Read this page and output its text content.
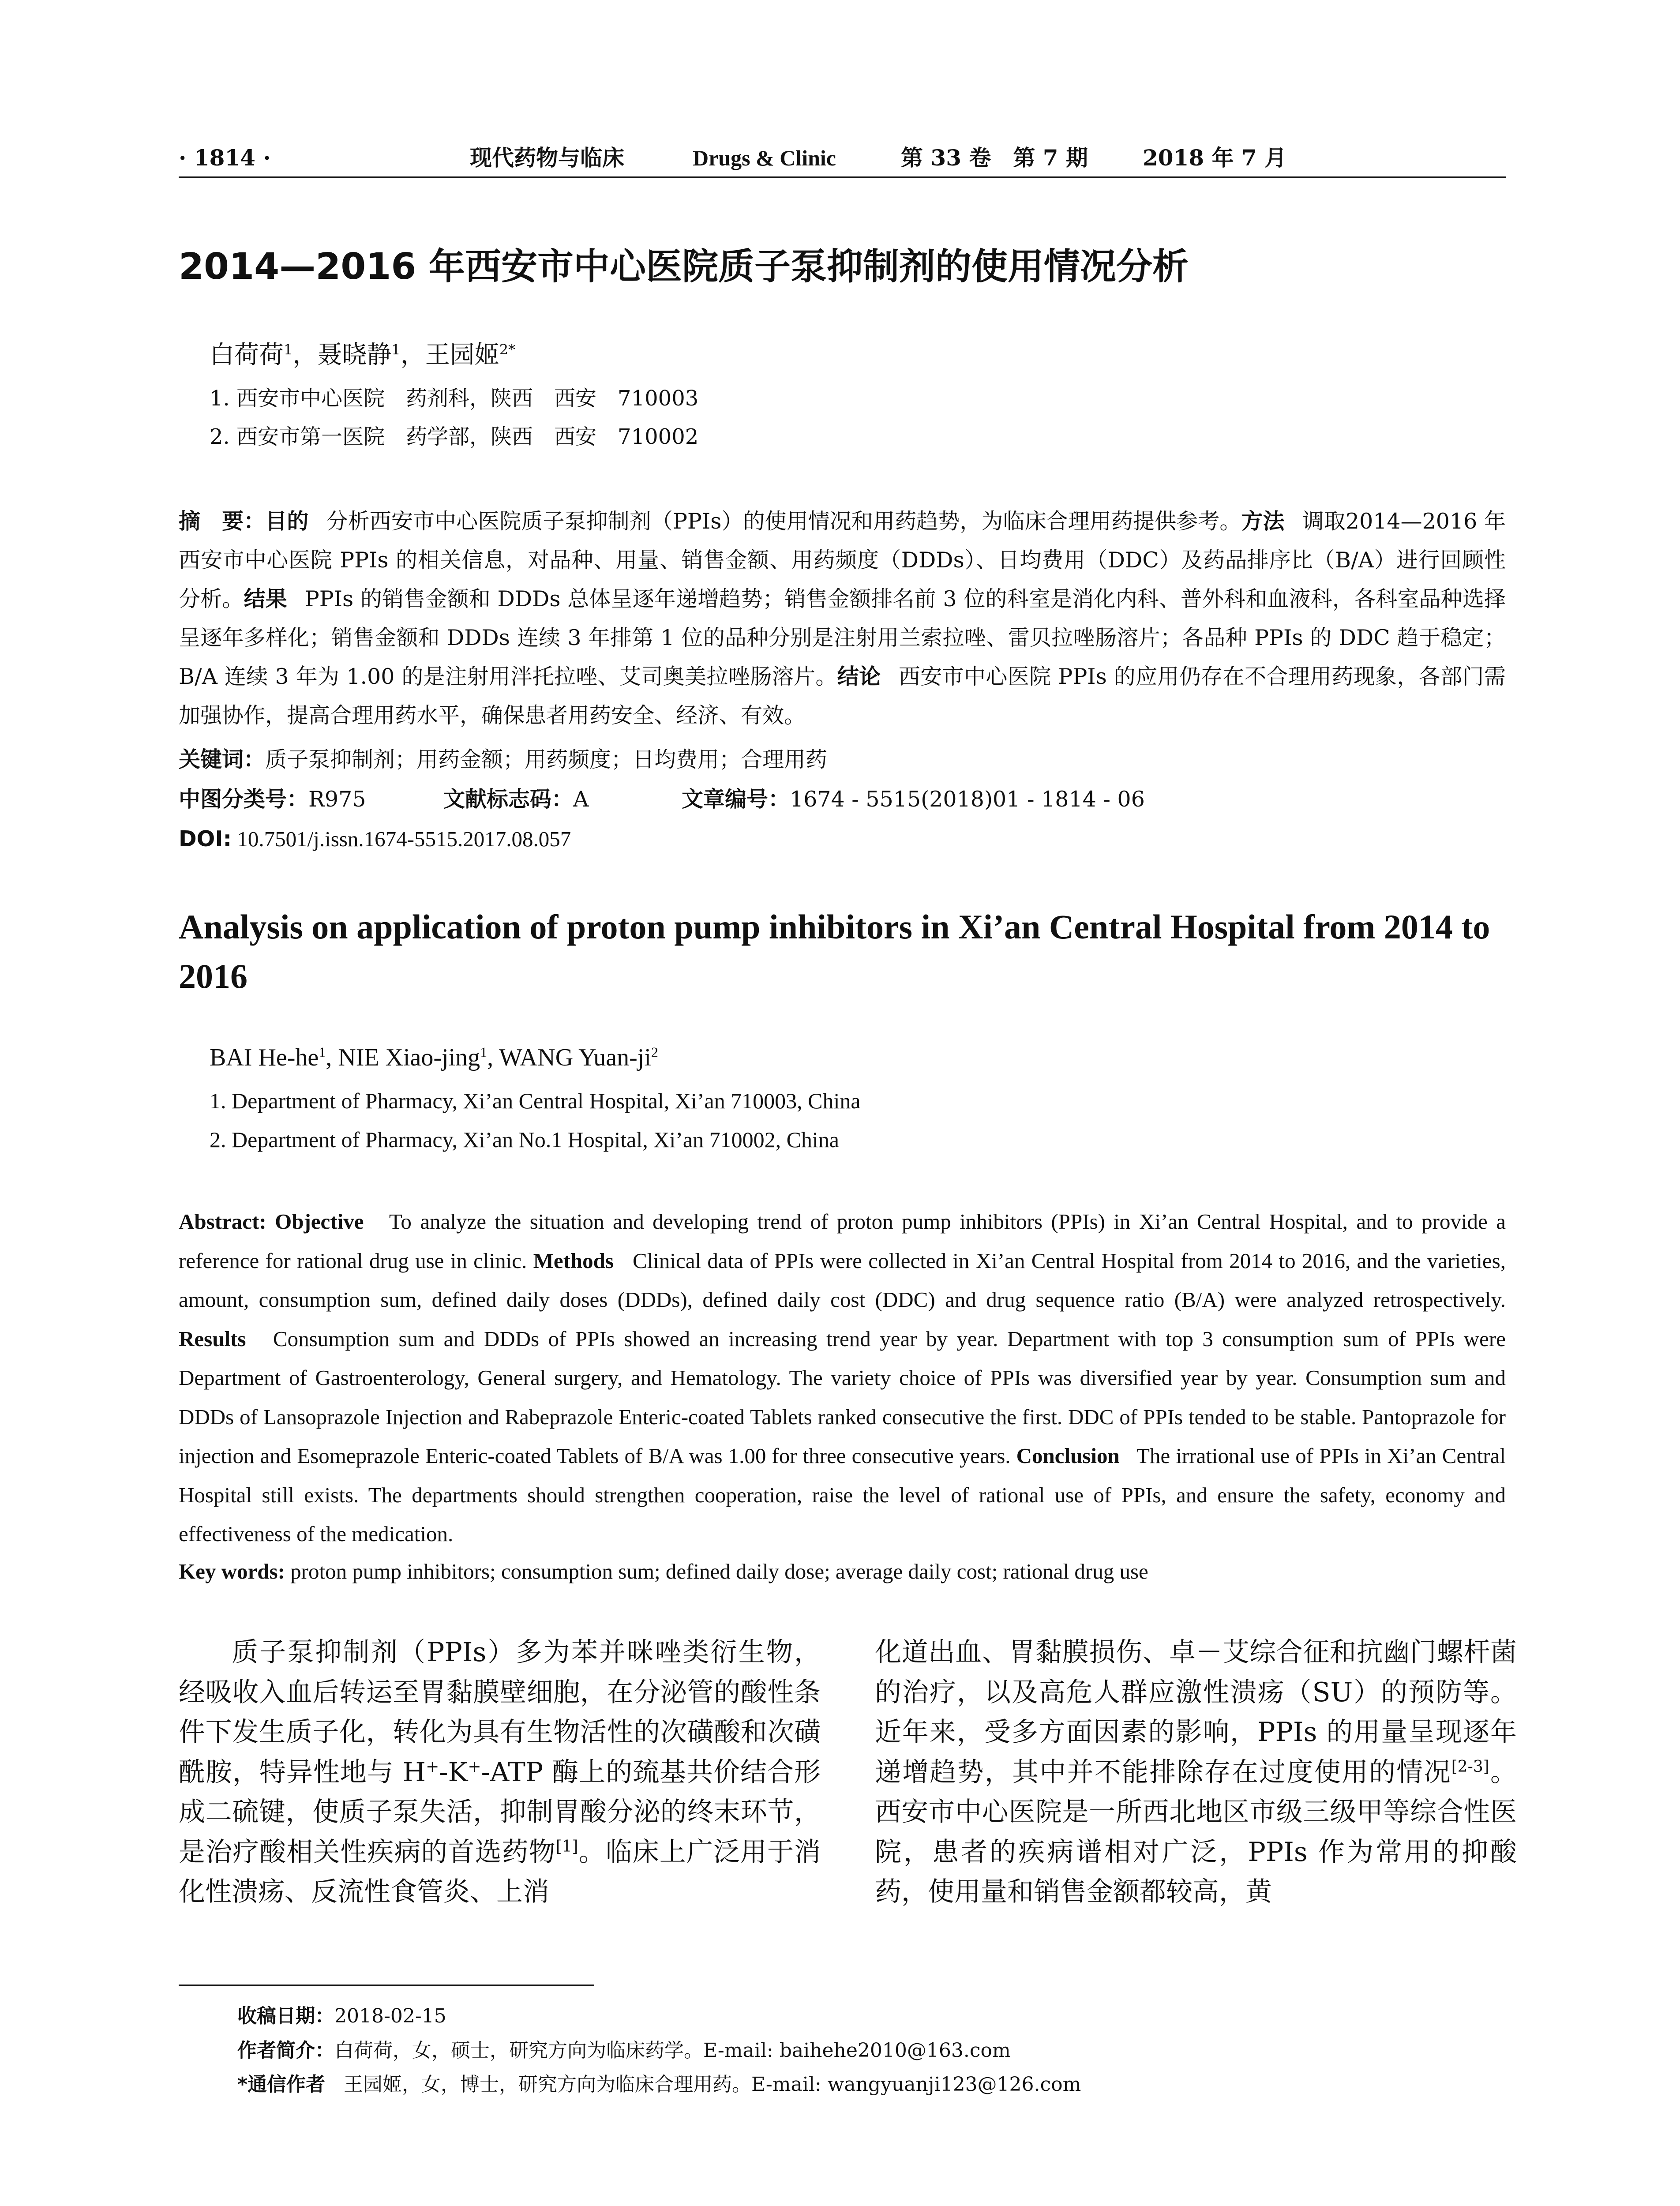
· 1814 ·	现代药物与临床	Drugs & Clinic	第 33 卷　第 7 期 2018 年 7 月
2014—2016 年西安市中心医院质子泵抑制剂的使用情况分析
白荷荷$^1$，聂晓静$^1$，王园姬$^{2*}$
1. 西安市中心医院　药剂科，陕西　西安　710003
2. 西安市第一医院　药学部，陕西　西安　710002
摘　要：目的 分析西安市中心医院质子泵抑制剂（PPIs）的使用情况和用药趋势，为临床合理用药提供参考。方法 调取2014—2016 年西安市中心医院 PPIs 的相关信息，对品种、用量、销售金额、用药频度（DDDs）、日均费用（DDC）及药品排序比（B/A）进行回顾性分析。结果 PPIs 的销售金额和 DDDs 总体呈逐年递增趋势；销售金额排名前 3 位的科室是消化内科、普外科和血液科，各科室品种选择呈逐年多样化；销售金额和 DDDs 连续 3 年排第 1 位的品种分别是注射用兰索拉唑、雷贝拉唑肠溶片；各品种 PPIs 的 DDC 趋于稳定；B/A 连续 3 年为 1.00 的是注射用泮托拉唑、艾司奥美拉唑肠溶片。结论 西安市中心医院 PPIs 的应用仍存在不合理用药现象，各部门需加强协作，提高合理用药水平，确保患者用药安全、经济、有效。
关键词：质子泵抑制剂；用药金额；用药频度；日均费用；合理用药
中图分类号：R975	文献标志码：A	文章编号：1674 - 5515(2018)01 - 1814 - 06
DOI: 10.7501/j.issn.1674-5515.2017.08.057
Analysis on application of proton pump inhibitors in Xi’an Central Hospital from 2014 to 2016
BAI $He-he^1$, NIE Xiao-jing$^1$, WANG Yuan-$ji^2$
1. Department of Pharmacy, Xi’an Central Hospital, Xi’an 710003, China
2. Department of Pharmacy, Xi’an No.1 Hospital, Xi’an 710002, China
Abstract: Objective To analyze the situation and developing trend of proton pump inhibitors (PPIs) in Xi’an Central Hospital, and to provide a reference for rational drug use in clinic. Methods Clinical data of PPIs were collected in Xi’an Central Hospital from 2014 to 2016, and the varieties, amount, consumption sum, defined daily doses (DDDs), defined daily cost (DDC) and drug sequence ratio (B/A) were analyzed retrospectively. Results Consumption sum and DDDs of PPIs showed an increasing trend year by year. Department with top 3 consumption sum of PPIs were Department of Gastroenterology, General surgery, and Hematology. The variety choice of PPIs was diversified year by year. Consumption sum and DDDs of Lansoprazole Injection and Rabeprazole Enteric-coated Tablets ranked consecutive the first. DDC of PPIs tended to be stable. Pantoprazole for injection and Esomeprazole Enteric-coated Tablets of B/A was 1.00 for three consecutive years. Conclusion The irrational use of PPIs in Xi’an Central Hospital still exists. The departments should strengthen cooperation, raise the level of rational use of PPIs, and ensure the safety, economy and effectiveness of the medication.
Key words: proton pump inhibitors; consumption sum; defined daily dose; average daily cost; rational drug use
质子泵抑制剂（PPIs）多为苯并咪唑类衍生物，经吸收入血后转运至胃黏膜壁细胞，在分泌管的酸性条件下发生质子化，转化为具有生物活性的次磺酸和次磺酰胺，特异性地与 H+-K+-ATP 酶上的巯基共价结合形成二硫键，使质子泵失活，抑制胃酸分泌的终末环节，是治疗酸相关性疾病的首选药物[1]。临床上广泛用于消化性溃疡、反流性食管炎、上消
化道出血、胃黏膜损伤、卓－艾综合征和抗幽门螺杆菌的治疗，以及高危人群应激性溃疡（SU）的预防等。近年来，受多方面因素的影响，PPIs 的用量呈现逐年递增趋势，其中并不能排除存在过度使用的情况[2-3]。西安市中心医院是一所西北地区市级三级甲等综合性医院，患者的疾病谱相对广泛，PPIs 作为常用的抑酸药，使用量和销售金额都较高，黄
收稿日期：2018-02-15
作者简介：白荷荷，女，硕士，研究方向为临床药学。E-mail: baihehe2010@163.com
*通信作者 王园姬，女，博士，研究方向为临床合理用药。E-mail: wangyuanji123@126.com
